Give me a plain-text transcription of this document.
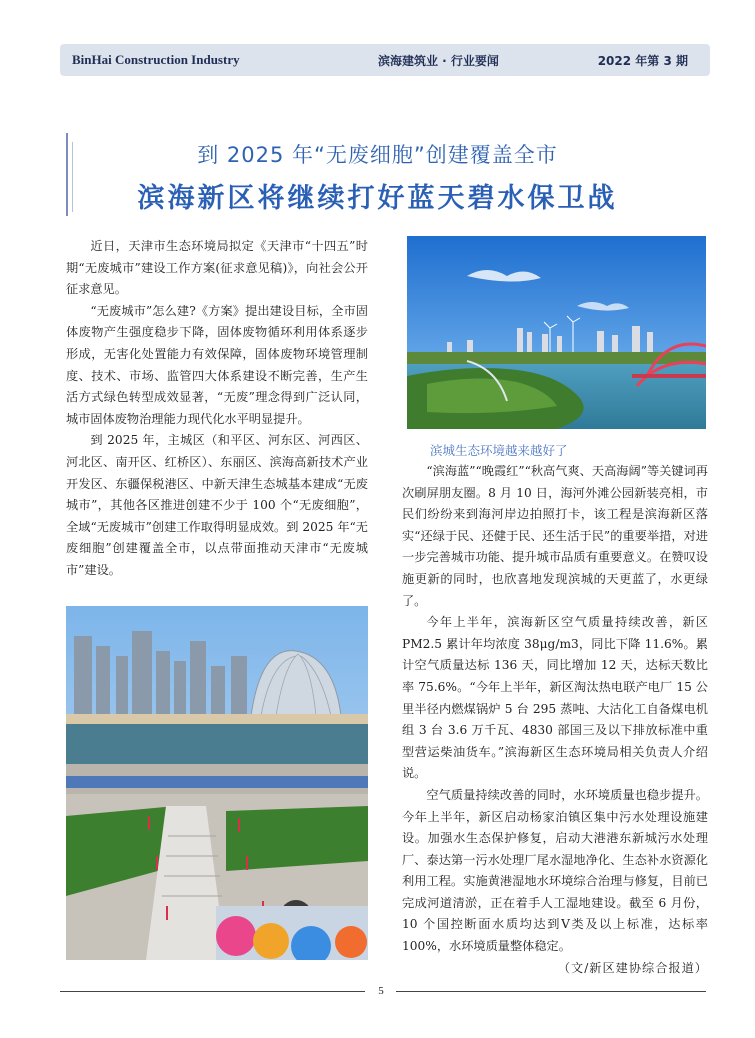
BinHai Construction Industry	滨海建筑业 · 行业要闻	2022 年第 3 期
到 2025 年“无废细胞”创建覆盖全市
滨海新区将继续打好蓝天碧水保卫战

近日，天津市生态环境局拟定《天津市“十四五”时期“无废城市”建设工作方案(征求意见稿)》，向社会公开征求意见。

“无废城市”怎么建?《方案》提出建设目标，全市固体废物产生强度稳步下降，固体废物循环利用体系逐步形成，无害化处置能力有效保障，固体废物环境管理制度、技术、市场、监管四大体系建设不断完善，生产生活方式绿色转型成效显著，“无废”理念得到广泛认同，城市固体废物治理能力现代化水平明显提升。

到 2025 年，主城区（和平区、河东区、河西区、河北区、南开区、红桥区）、东丽区、滨海高新技术产业开发区、东疆保税港区、中新天津生态城基本建成“无废城市”，其他各区推进创建不少于 100 个“无废细胞”，全域“无废城市”创建工作取得明显成效。到 2025 年“无废细胞”创建覆盖全市，以点带面推动天津市“无废城市”建设。

滨城生态环境越来越好了

“滨海蓝”“晚霞红”“秋高气爽、天高海阔”等关键词再次刷屏朋友圈。8 月 10 日，海河外滩公园新装亮相，市民们纷纷来到海河岸边拍照打卡，该工程是滨海新区落实“还绿于民、还健于民、还生活于民”的重要举措，对进一步完善城市功能、提升城市品质有重要意义。在赞叹设施更新的同时，也欣喜地发现滨城的天更蓝了，水更绿了。

今年上半年，滨海新区空气质量持续改善，新区 PM2.5 累计年均浓度 38μg/m3，同比下降 11.6%。累计空气质量达标 136 天，同比增加 12 天，达标天数比率 75.6%。“今年上半年，新区淘汰热电联产电厂 15 公里半径内燃煤锅炉 5 台 295 蒸吨、大沽化工自备煤电机组 3 台 3.6 万千瓦、4830 部国三及以下排放标准中重型营运柴油货车。”滨海新区生态环境局相关负责人介绍说。

空气质量持续改善的同时，水环境质量也稳步提升。今年上半年，新区启动杨家泊镇区集中污水处理设施建设。加强水生态保护修复，启动大港港东新城污水处理厂、泰达第一污水处理厂尾水湿地净化、生态补水资源化利用工程。实施黄港湿地水环境综合治理与修复，目前已完成河道清淤，正在着手人工湿地建设。截至 6 月份，10 个国控断面水质均达到Ⅴ类及以上标准，达标率 100%，水环境质量整体稳定。
（文/新区建协综合报道）

5
